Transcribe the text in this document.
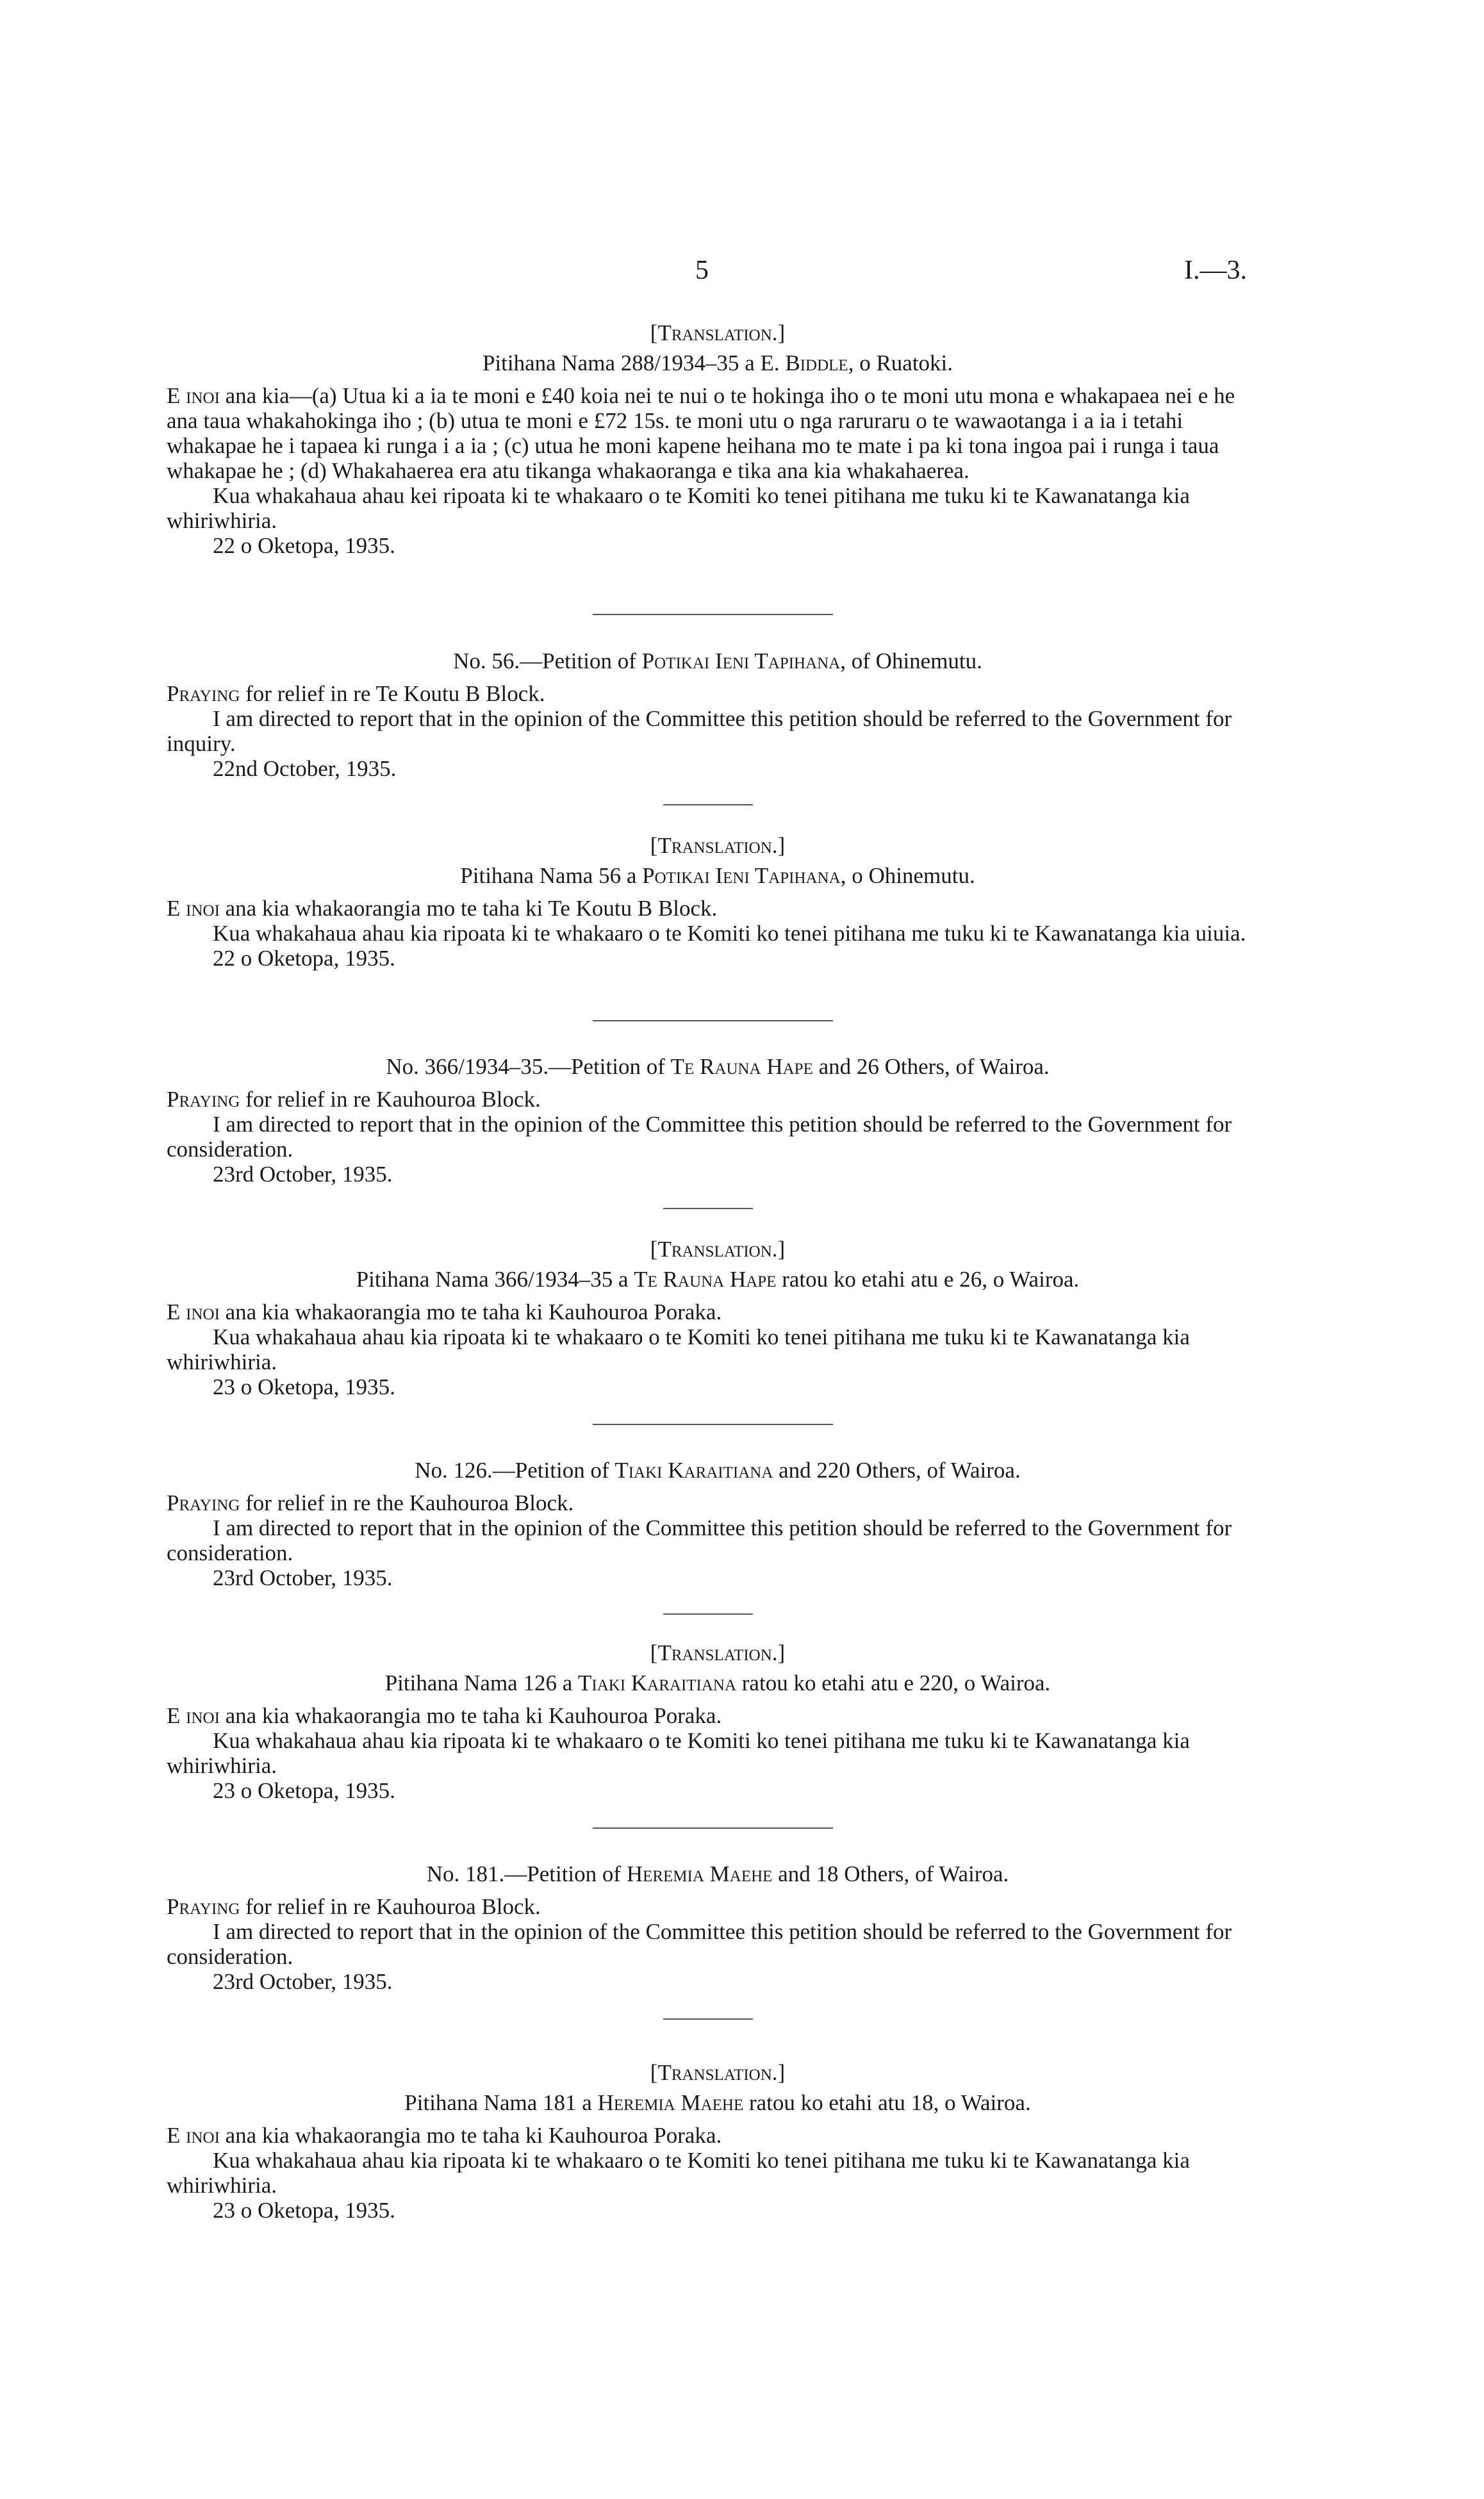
5	I.—3.
[Translation.]
Pitihana Nama 288/1934–35 a E. Biddle, o Ruatoki.

E inoi ana kia—(a) Utua ki a ia te moni e £40 koia nei te nui o te hokinga iho o te moni utu mona e whakapaea nei e he ana taua whakahokinga iho ; (b) utua te moni e £72 15s. te moni utu o nga raruraru o te wawaotanga i a ia i tetahi whakapae he i tapaea ki runga i a ia ; (c) utua he moni kapene heihana mo te mate i pa ki tona ingoa pai i runga i taua whakapae he ; (d) Whakahaerea era atu tikanga whakaoranga e tika ana kia whakahaerea.

Kua whakahaua ahau kei ripoata ki te whakaaro o te Komiti ko tenei pitihana me tuku ki te Kawanatanga kia whiriwhiria.

22 o Oketopa, 1935.

No. 56.—Petition of Potikai Ieni Tapihana, of Ohinemutu.

Praying for relief in re Te Koutu B Block.

I am directed to report that in the opinion of the Committee this petition should be referred to the Government for inquiry.

22nd October, 1935.

[Translation.]
Pitihana Nama 56 a Potikai Ieni Tapihana, o Ohinemutu.

E inoi ana kia whakaorangia mo te taha ki Te Koutu B Block.

Kua whakahaua ahau kia ripoata ki te whakaaro o te Komiti ko tenei pitihana me tuku ki te Kawanatanga kia uiuia.

22 o Oketopa, 1935.

No. 366/1934–35.—Petition of Te Rauna Hape and 26 Others, of Wairoa.

Praying for relief in re Kauhouroa Block.

I am directed to report that in the opinion of the Committee this petition should be referred to the Government for consideration.

23rd October, 1935.

[Translation.]
Pitihana Nama 366/1934–35 a Te Rauna Hape ratou ko etahi atu e 26, o Wairoa.

E inoi ana kia whakaorangia mo te taha ki Kauhouroa Poraka.

Kua whakahaua ahau kia ripoata ki te whakaaro o te Komiti ko tenei pitihana me tuku ki te Kawanatanga kia whiriwhiria.

23 o Oketopa, 1935.

No. 126.—Petition of Tiaki Karaitiana and 220 Others, of Wairoa.

Praying for relief in re the Kauhouroa Block.

I am directed to report that in the opinion of the Committee this petition should be referred to the Government for consideration.

23rd October, 1935.

[Translation.]
Pitihana Nama 126 a Tiaki Karaitiana ratou ko etahi atu e 220, o Wairoa.

E inoi ana kia whakaorangia mo te taha ki Kauhouroa Poraka.

Kua whakahaua ahau kia ripoata ki te whakaaro o te Komiti ko tenei pitihana me tuku ki te Kawanatanga kia whiriwhiria.

23 o Oketopa, 1935.

No. 181.—Petition of Heremia Maehe and 18 Others, of Wairoa.

Praying for relief in re Kauhouroa Block.

I am directed to report that in the opinion of the Committee this petition should be referred to the Government for consideration.

23rd October, 1935.

[Translation.]
Pitihana Nama 181 a Heremia Maehe ratou ko etahi atu 18, o Wairoa.

E inoi ana kia whakaorangia mo te taha ki Kauhouroa Poraka.

Kua whakahaua ahau kia ripoata ki te whakaaro o te Komiti ko tenei pitihana me tuku ki te Kawanatanga kia whiriwhiria.

23 o Oketopa, 1935.
